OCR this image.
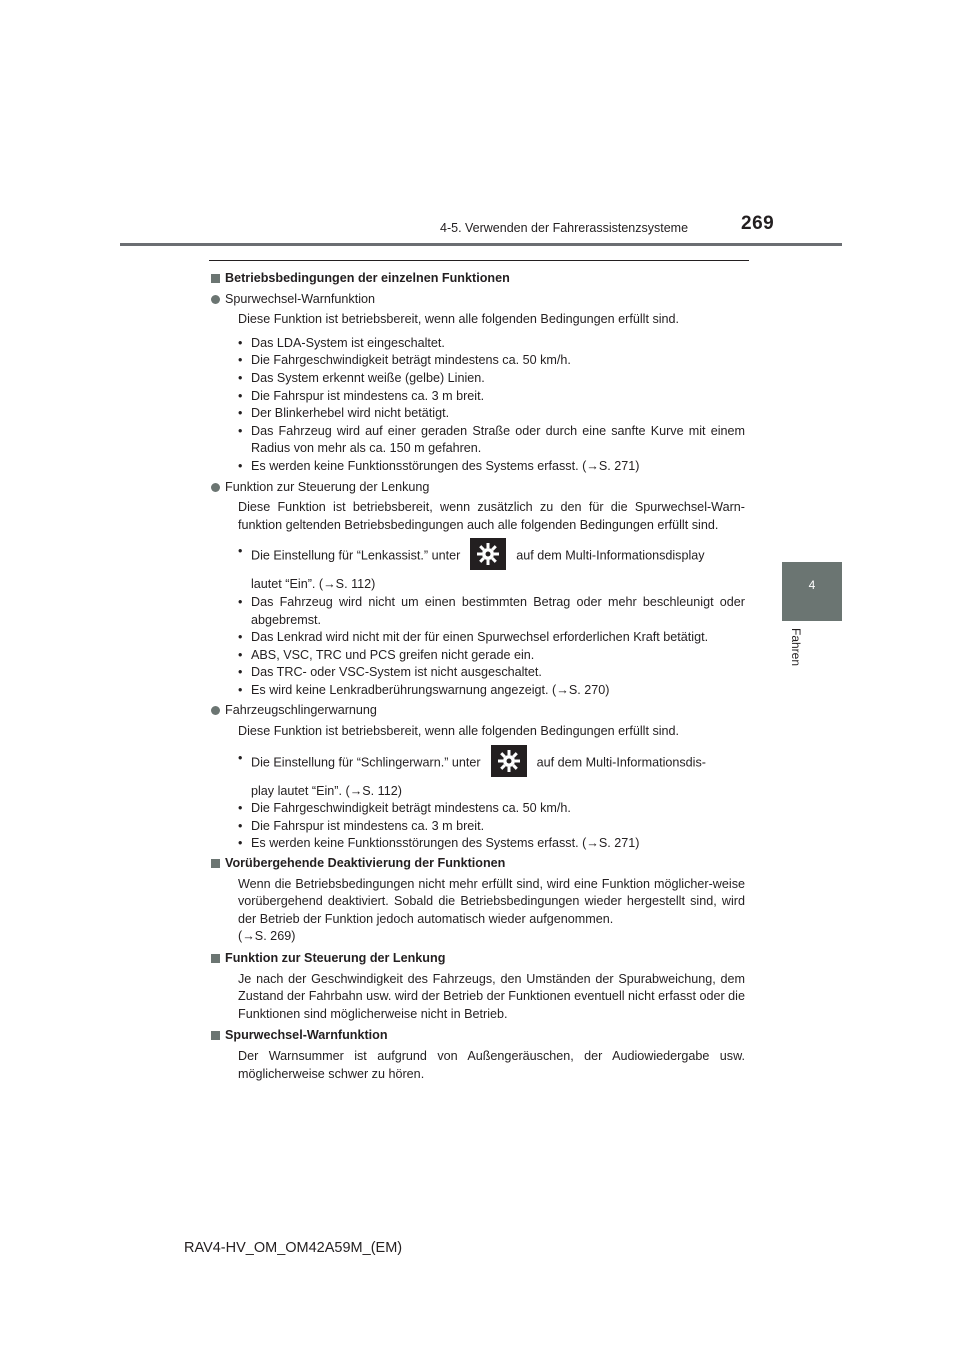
4-5. Verwenden der Fahrerassistenzsysteme	269
4
Fahren
Betriebsbedingungen der einzelnen Funktionen
Spurwechsel-Warnfunktion
Diese Funktion ist betriebsbereit, wenn alle folgenden Bedingungen erfüllt sind.
• Das LDA-System ist eingeschaltet.
• Die Fahrgeschwindigkeit beträgt mindestens ca. 50 km/h.
• Das System erkennt weiße (gelbe) Linien.
• Die Fahrspur ist mindestens ca. 3 m breit.
• Der Blinkerhebel wird nicht betätigt.
• Das Fahrzeug wird auf einer geraden Straße oder durch eine sanfte Kurve mit einem Radius von mehr als ca. 150 m gefahren.
• Es werden keine Funktionsstörungen des Systems erfasst. (→S. 271)
Funktion zur Steuerung der Lenkung
Diese Funktion ist betriebsbereit, wenn zusätzlich zu den für die Spurwechsel-Warn-funktion geltenden Betriebsbedingungen auch alle folgenden Bedingungen erfüllt sind.
• Die Einstellung für “Lenkassist.” unter	auf dem Multi-Informationsdisplay
lautet “Ein”. (→S. 112)
• Das Fahrzeug wird nicht um einen bestimmten Betrag oder mehr beschleunigt oder abgebremst.
• Das Lenkrad wird nicht mit der für einen Spurwechsel erforderlichen Kraft betätigt.
• ABS, VSC, TRC und PCS greifen nicht gerade ein.
• Das TRC- oder VSC-System ist nicht ausgeschaltet.
• Es wird keine Lenkradberührungswarnung angezeigt. (→S. 270)
Fahrzeugschlingerwarnung
Diese Funktion ist betriebsbereit, wenn alle folgenden Bedingungen erfüllt sind.
• Die Einstellung für “Schlingerwarn.” unter	auf dem Multi-Informationsdis-
play lautet “Ein”. (→S. 112)
• Die Fahrgeschwindigkeit beträgt mindestens ca. 50 km/h.
• Die Fahrspur ist mindestens ca. 3 m breit.
• Es werden keine Funktionsstörungen des Systems erfasst. (→S. 271)
Vorübergehende Deaktivierung der Funktionen
Wenn die Betriebsbedingungen nicht mehr erfüllt sind, wird eine Funktion möglicher-weise vorübergehend deaktiviert. Sobald die Betriebsbedingungen wieder hergestellt sind, wird der Betrieb der Funktion jedoch automatisch wieder aufgenommen.
(→S. 269)
Funktion zur Steuerung der Lenkung
Je nach der Geschwindigkeit des Fahrzeugs, den Umständen der Spurabweichung, dem Zustand der Fahrbahn usw. wird der Betrieb der Funktionen eventuell nicht erfasst oder die Funktionen sind möglicherweise nicht in Betrieb.
Spurwechsel-Warnfunktion
Der Warnsummer ist aufgrund von Außengeräuschen, der Audiowiedergabe usw. möglicherweise schwer zu hören.
RAV4-HV_OM_OM42A59M_(EM)
